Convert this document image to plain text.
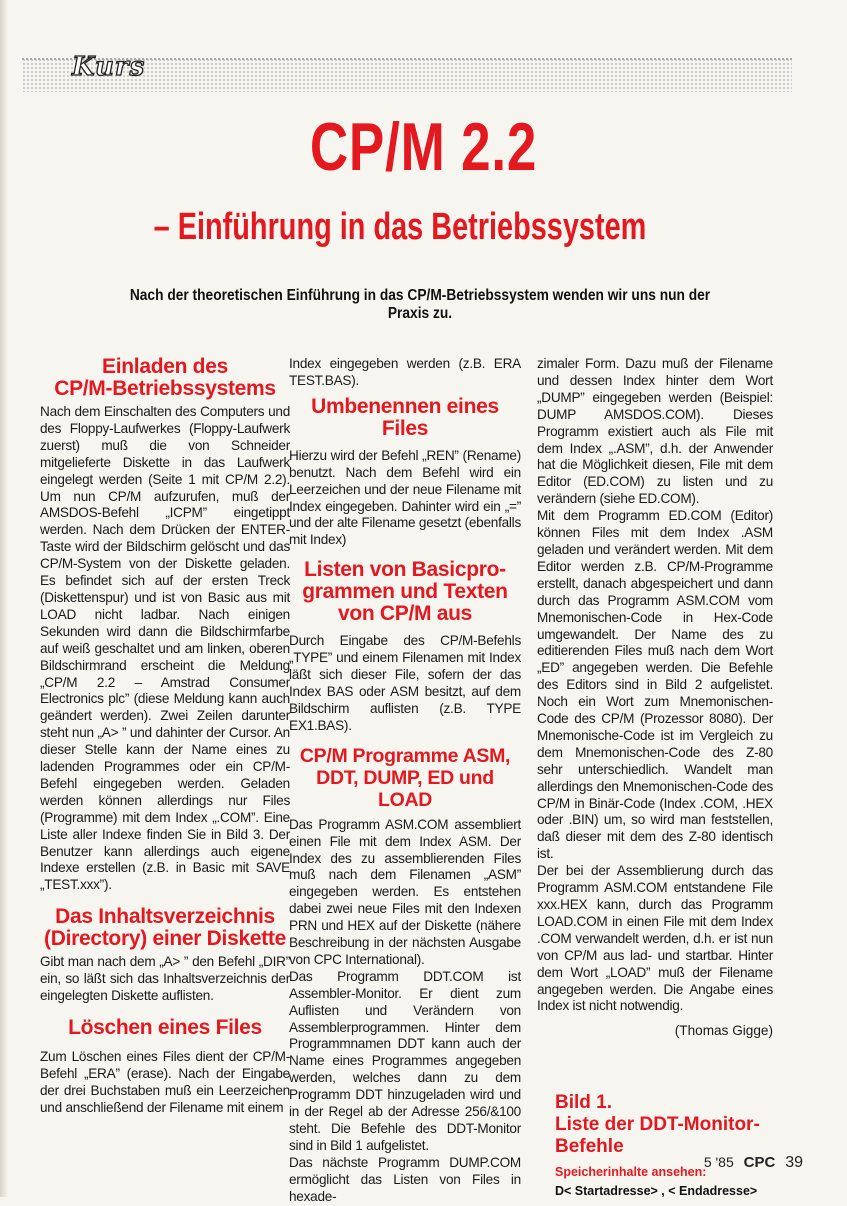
Kurs
CP/M 2.2
– Einführung in das Betriebssystem
Nach der theoretischen Einführung in das CP/M-Betriebssystem wenden wir uns nun der Praxis zu.
Einladen des
CP/M-Betriebssystems

Nach dem Einschalten des Computers und des Floppy-Laufwerkes (Floppy-Laufwerk zuerst) muß die von Schneider mitgelieferte Diskette in das Laufwerk eingelegt werden (Seite 1 mit CP/M 2.2). Um nun CP/M aufzurufen, muß der AMSDOS-Befehl „ICPM” eingetippt werden. Nach dem Drücken der ENTER-Taste wird der Bildschirm gelöscht und das CP/M-System von der Diskette geladen. Es befindet sich auf der ersten Treck (Diskettenspur) und ist von Basic aus mit LOAD nicht ladbar. Nach einigen Sekunden wird dann die Bildschirmfarbe auf weiß geschaltet und am linken, oberen Bildschirmrand erscheint die Meldung „CP/M 2.2 – Amstrad Consumer Electronics plc” (diese Meldung kann auch geändert werden). Zwei Zeilen darunter steht nun „A> ” und dahinter der Cursor. An dieser Stelle kann der Name eines zu ladenden Programmes oder ein CP/M-Befehl eingegeben werden. Geladen werden können allerdings nur Files (Programme) mit dem Index „.COM”. Eine Liste aller Indexe finden Sie in Bild 3. Der Benutzer kann allerdings auch eigene Indexe erstellen (z.B. in Basic mit SAVE „TEST.xxx”).

Das Inhaltsverzeichnis
(Directory) einer Diskette

Gibt man nach dem „A> ” den Befehl „DIR” ein, so läßt sich das Inhaltsverzeichnis der eingelegten Diskette auflisten.

Löschen eines Files

Zum Löschen eines Files dient der CP/M-Befehl „ERA” (erase). Nach der Eingabe der drei Buchstaben muß ein Leerzeichen und anschließend der Filename mit einem

Index eingegeben werden (z.B. ERA TEST.BAS).

Umbenennen eines Files

Hierzu wird der Befehl „REN” (Rename) benutzt. Nach dem Befehl wird ein Leerzeichen und der neue Filename mit Index eingegeben. Dahinter wird ein „=” und der alte Filename gesetzt (ebenfalls mit Index)

Listen von Basicpro-
grammen und Texten
von CP/M aus

Durch Eingabe des CP/M-Befehls „TYPE” und einem Filenamen mit Index läßt sich dieser File, sofern der das Index BAS oder ASM besitzt, auf dem Bildschirm auflisten (z.B. TYPE EX1.BAS).

CP/M Programme ASM,
DDT, DUMP, ED und LOAD

Das Programm ASM.COM assembliert einen File mit dem Index ASM. Der Index des zu assemblierenden Files muß nach dem Filenamen „ASM” eingegeben werden. Es entstehen dabei zwei neue Files mit den Indexen PRN und HEX auf der Diskette (nähere Beschreibung in der nächsten Ausgabe von CPC International).

Das Programm DDT.COM ist Assembler-Monitor. Er dient zum Auflisten und Verändern von Assemblerprogrammen. Hinter dem Programmnamen DDT kann auch der Name eines Programmes angegeben werden, welches dann zu dem Programm DDT hinzugeladen wird und in der Regel ab der Adresse 256/&100 steht. Die Befehle des DDT-Monitor sind in Bild 1 aufgelistet.

Das nächste Programm DUMP.COM ermöglicht das Listen von Files in hexade-

zimaler Form. Dazu muß der Filename und dessen Index hinter dem Wort „DUMP” eingegeben werden (Beispiel: DUMP AMSDOS.COM). Dieses Programm existiert auch als File mit dem Index „.ASM”, d.h. der Anwender hat die Möglichkeit diesen, File mit dem Editor (ED.COM) zu listen und zu verändern (siehe ED.COM).

Mit dem Programm ED.COM (Editor) können Files mit dem Index .ASM geladen und verändert werden. Mit dem Editor werden z.B. CP/M-Programme erstellt, danach abgespeichert und dann durch das Programm ASM.COM vom Mnemonischen-Code in Hex-Code umgewandelt. Der Name des zu editierenden Files muß nach dem Wort „ED” angegeben werden. Die Befehle des Editors sind in Bild 2 aufgelistet. Noch ein Wort zum Mnemonischen-Code des CP/M (Prozessor 8080). Der Mnemonische-Code ist im Vergleich zu dem Mnemonischen-Code des Z-80 sehr unterschiedlich. Wandelt man allerdings den Mnemonischen-Code des CP/M in Binär-Code (Index .COM, .HEX oder .BIN) um, so wird man feststellen, daß dieser mit dem des Z-80 identisch ist.

Der bei der Assemblierung durch das Programm ASM.COM entstandene File xxx.HEX kann, durch das Programm LOAD.COM in einen File mit dem Index .COM verwandelt werden, d.h. er ist nun von CP/M aus lad- und startbar. Hinter dem Wort „LOAD” muß der Filename angegeben werden. Die Angabe eines Index ist nicht notwendig.

(Thomas Gigge)
Bild 1.
Liste der DDT-Monitor-
Befehle
Speicherinhalte ansehen:
D< Startadresse> , < Endadresse>
5 '85 CPC 39
